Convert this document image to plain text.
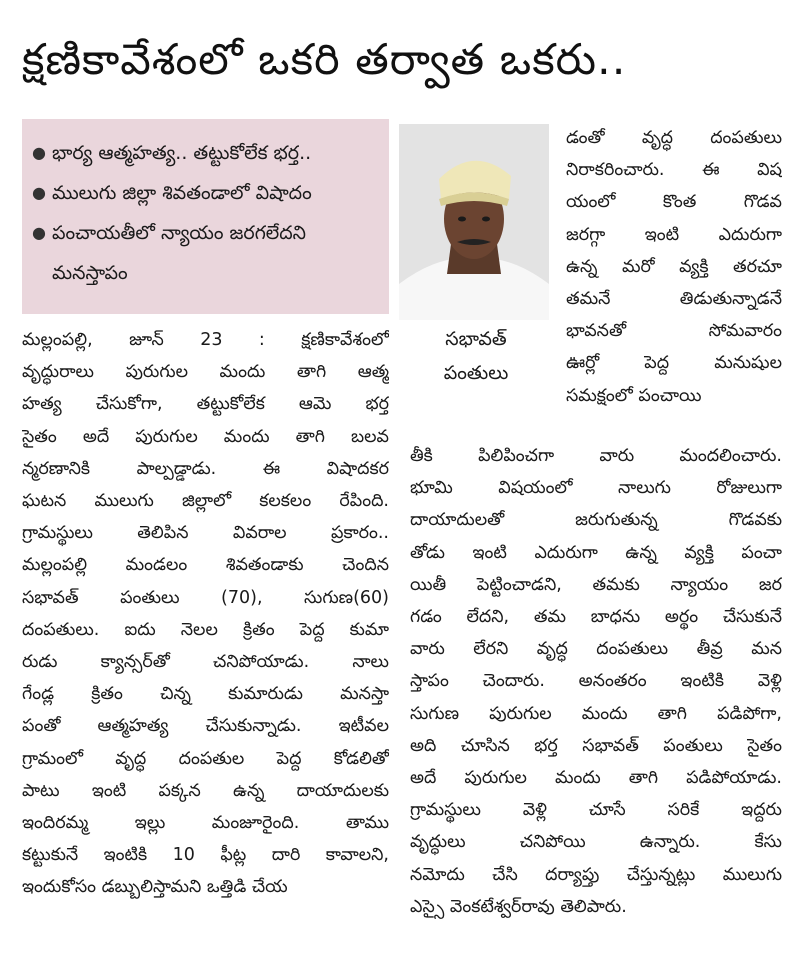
క్షణికావేశంలో ఒకరి తర్వాత ఒకరు..
● భార్య ఆత్మహత్య.. తట్టుకోలేక భర్త..
● ములుగు జిల్లా శివతండాలో విషాదం
● పంచాయతీలో న్యాయం జరగలేదని మనస్తాపం
సభావత్
పంతులు
మల్లంపల్లి, జూన్ 23 : క్షణికావేశంలో
వృద్ధురాలు పురుగుల మందు తాగి ఆత్మ
హత్య చేసుకోగా, తట్టుకోలేక ఆమె భర్త
సైతం అదే పురుగుల మందు తాగి బలవ
న్మరణానికి పాల్పడ్డాడు. ఈ విషాదకర
ఘటన ములుగు జిల్లాలో కలకలం రేపింది.
గ్రామస్థులు తెలిపిన వివరాల ప్రకారం..
మల్లంపల్లి మండలం శివతండాకు చెందిన
సభావత్ పంతులు (70), సుగుణ(60)
దంపతులు. ఐదు నెలల క్రితం పెద్ద కుమా
రుడు క్యాన్సర్‌తో చనిపోయాడు. నాలు
గేండ్ల క్రితం చిన్న కుమారుడు మనస్తా
పంతో ఆత్మహత్య చేసుకున్నాడు. ఇటీవల
గ్రామంలో వృద్ధ దంపతుల పెద్ద కోడలితో
పాటు ఇంటి పక్కన ఉన్న దాయాదులకు
ఇందిరమ్మ ఇల్లు మంజూరైంది. తాము
కట్టుకునే ఇంటికి 10 ఫీట్ల దారి కావాలని,
ఇందుకోసం డబ్బులిస్తామని ఒత్తిడి చేయ
డంతో వృద్ధ దంపతులు
నిరాకరించారు. ఈ విష
యంలో కొంత గొడవ
జరగ్గా ఇంటి ఎదురుగా
ఉన్న మరో వ్యక్తి తరచూ
తమనే తిడుతున్నాడనే
భావనతో సోమవారం
ఊర్లో పెద్ద మనుషుల
సమక్షంలో పంచాయి
తీకి పిలిపించగా వారు మందలించారు.
భూమి విషయంలో నాలుగు రోజులుగా
దాయాదులతో జరుగుతున్న గొడవకు
తోడు ఇంటి ఎదురుగా ఉన్న వ్యక్తి పంచా
యితీ పెట్టించాడని, తమకు న్యాయం జర
గడం లేదని, తమ బాధను అర్థం చేసుకునే
వారు లేరని వృద్ధ దంపతులు తీవ్ర మన
స్తాపం చెందారు. అనంతరం ఇంటికి వెళ్లి
సుగుణ పురుగుల మందు తాగి పడిపోగా,
అది చూసిన భర్త సభావత్ పంతులు సైతం
అదే పురుగుల మందు తాగి పడిపోయాడు.
గ్రామస్థులు వెళ్లి చూసే సరికే ఇద్దరు
వృద్ధులు చనిపోయి ఉన్నారు. కేసు
నమోదు చేసి దర్యాప్తు చేస్తున్నట్లు ములుగు
ఎస్సై వెంకటేశ్వర్‌రావు తెలిపారు.
